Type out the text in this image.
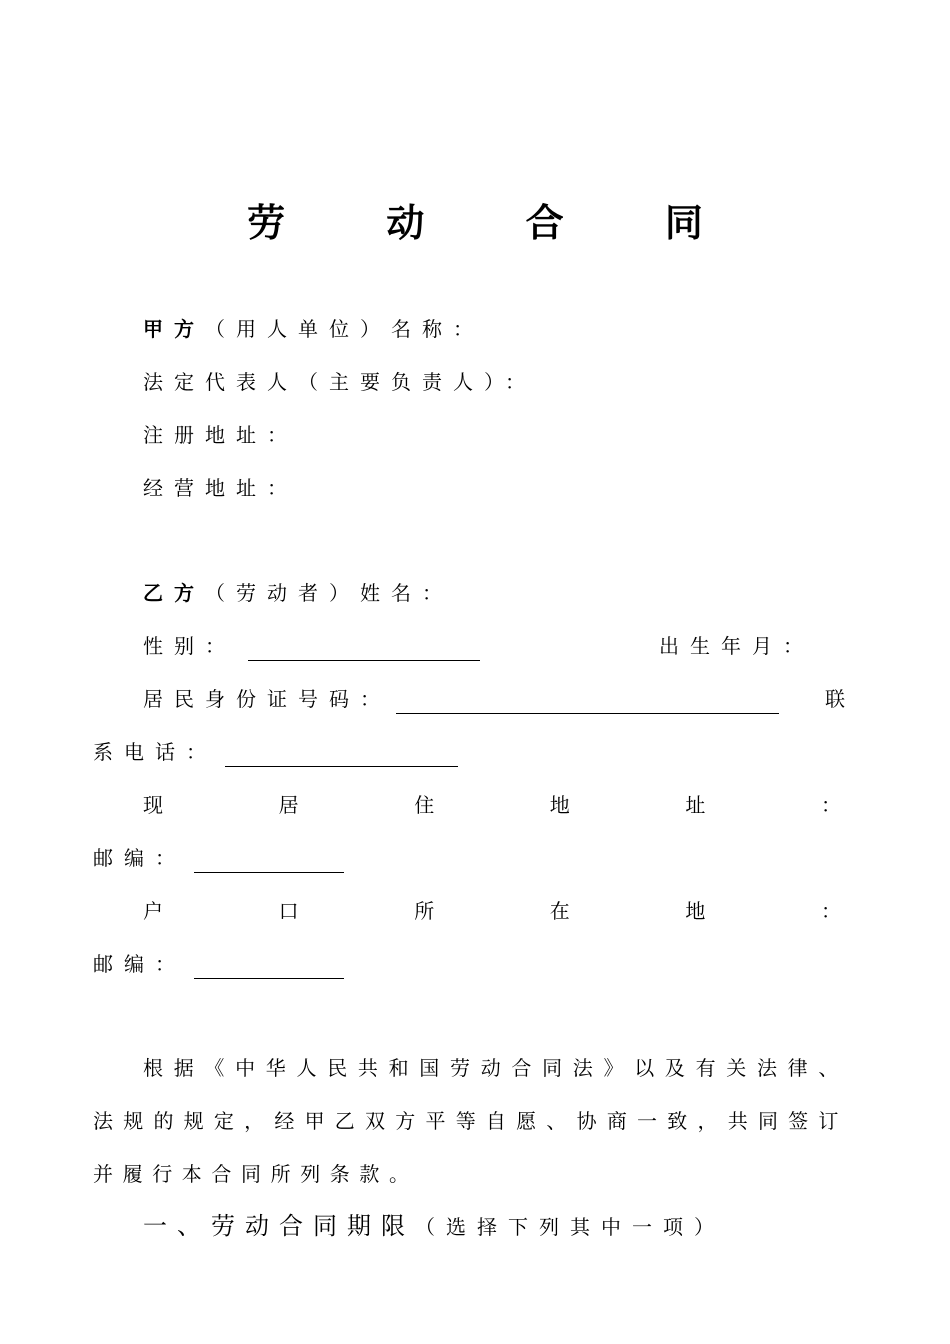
劳 动 合 同
甲方（用人单位）名称：
法定代表人（主要负责人）：
注册地址：
经营地址：
乙方（劳动者）姓名：
性别：	出生年月：
居民身份证号码：	联
系电话：
现	居	住	地	址	：
邮编：
户	口	所	在	地	：
邮编：
根据《中华人民共和国劳动合同法》以及有关法律、法规的规定，经甲乙双方平等自愿、协商一致，共同签订并履行本合同所列条款。
一、劳动合同期限（选择下列其中一项）
